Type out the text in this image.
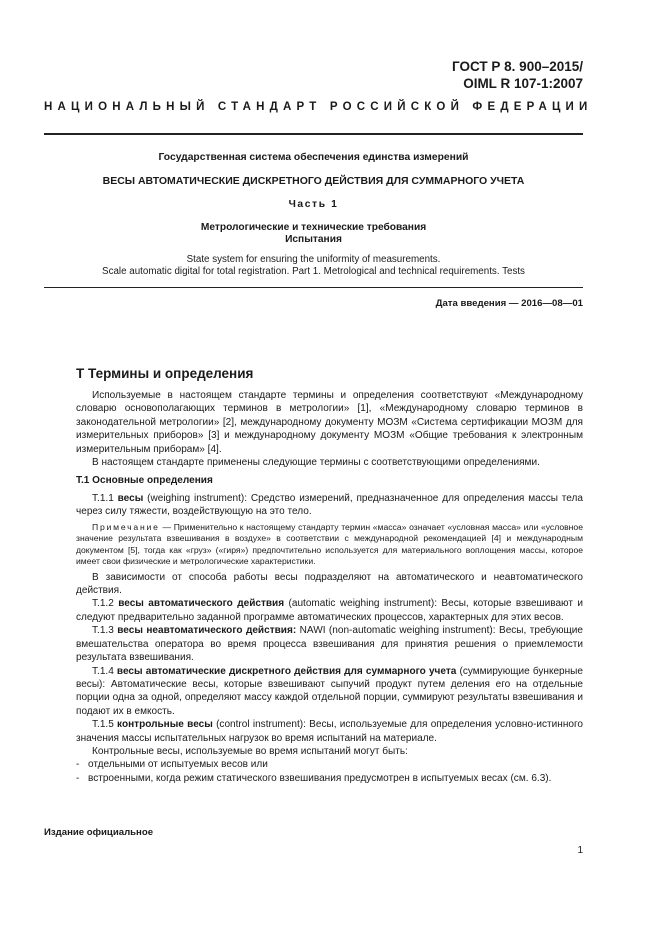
ГОСТ Р 8. 900–2015/
OIML R 107-1:2007
НАЦИОНАЛЬНЫЙ СТАНДАРТ РОССИЙСКОЙ ФЕДЕРАЦИИ
Государственная система обеспечения единства измерений
ВЕСЫ АВТОМАТИЧЕСКИЕ ДИСКРЕТНОГО ДЕЙСТВИЯ ДЛЯ СУММАРНОГО УЧЕТА
Часть 1
Метрологические и технические требования
Испытания
State system for ensuring the uniformity of measurements.
Scale automatic digital for total registration. Part 1. Metrological and technical requirements. Tests
Дата введения — 2016—08—01
Т Термины и определения

Используемые в настоящем стандарте термины и определения соответствуют «Международному словарю основополагающих терминов в метрологии» [1], «Международному словарю терминов в законодательной метрологии» [2], международному документу МОЗМ «Система сертификации МОЗМ для измерительных приборов» [3] и международному документу МОЗМ «Общие требования к электронным измерительным приборам» [4].

В настоящем стандарте применены следующие термины с соответствующими определениями.

Т.1 Основные определения

Т.1.1 весы (weighing instrument): Средство измерений, предназначенное для определения массы тела через силу тяжести, воздействующую на это тело.

Примечание — Применительно к настоящему стандарту термин «масса» означает «условная масса» или «условное значение результата взвешивания в воздухе» в соответствии с международной рекомендацией [4] и международным документом [5], тогда как «груз» («гиря») предпочтительно используется для материального воплощения массы, которое имеет свои физические и метрологические характеристики.

В зависимости от способа работы весы подразделяют на автоматического и неавтоматического действия.

Т.1.2 весы автоматического действия (automatic weighing instrument): Весы, которые взвешивают и следуют предварительно заданной программе автоматических процессов, характерных для этих весов.

Т.1.3 весы неавтоматического действия: NAWI (non-automatic weighing instrument): Весы, требующие вмешательства оператора во время процесса взвешивания для принятия решения о приемлемости результата взвешивания.

Т.1.4 весы автоматические дискретного действия для суммарного учета (суммирующие бункерные весы): Автоматические весы, которые взвешивают сыпучий продукт путем деления его на отдельные порции одна за одной, определяют массу каждой отдельной порции, суммируют результаты взвешивания и подают их в емкость.

Т.1.5 контрольные весы (control instrument): Весы, используемые для определения условно-истинного значения массы испытательных нагрузок во время испытаний на материале.

Контрольные весы, используемые во время испытаний могут быть:

- отдельными от испытуемых весов или

- встроенными, когда режим статического взвешивания предусмотрен в испытуемых весах (см. 6.3).

Издание официальное
1
